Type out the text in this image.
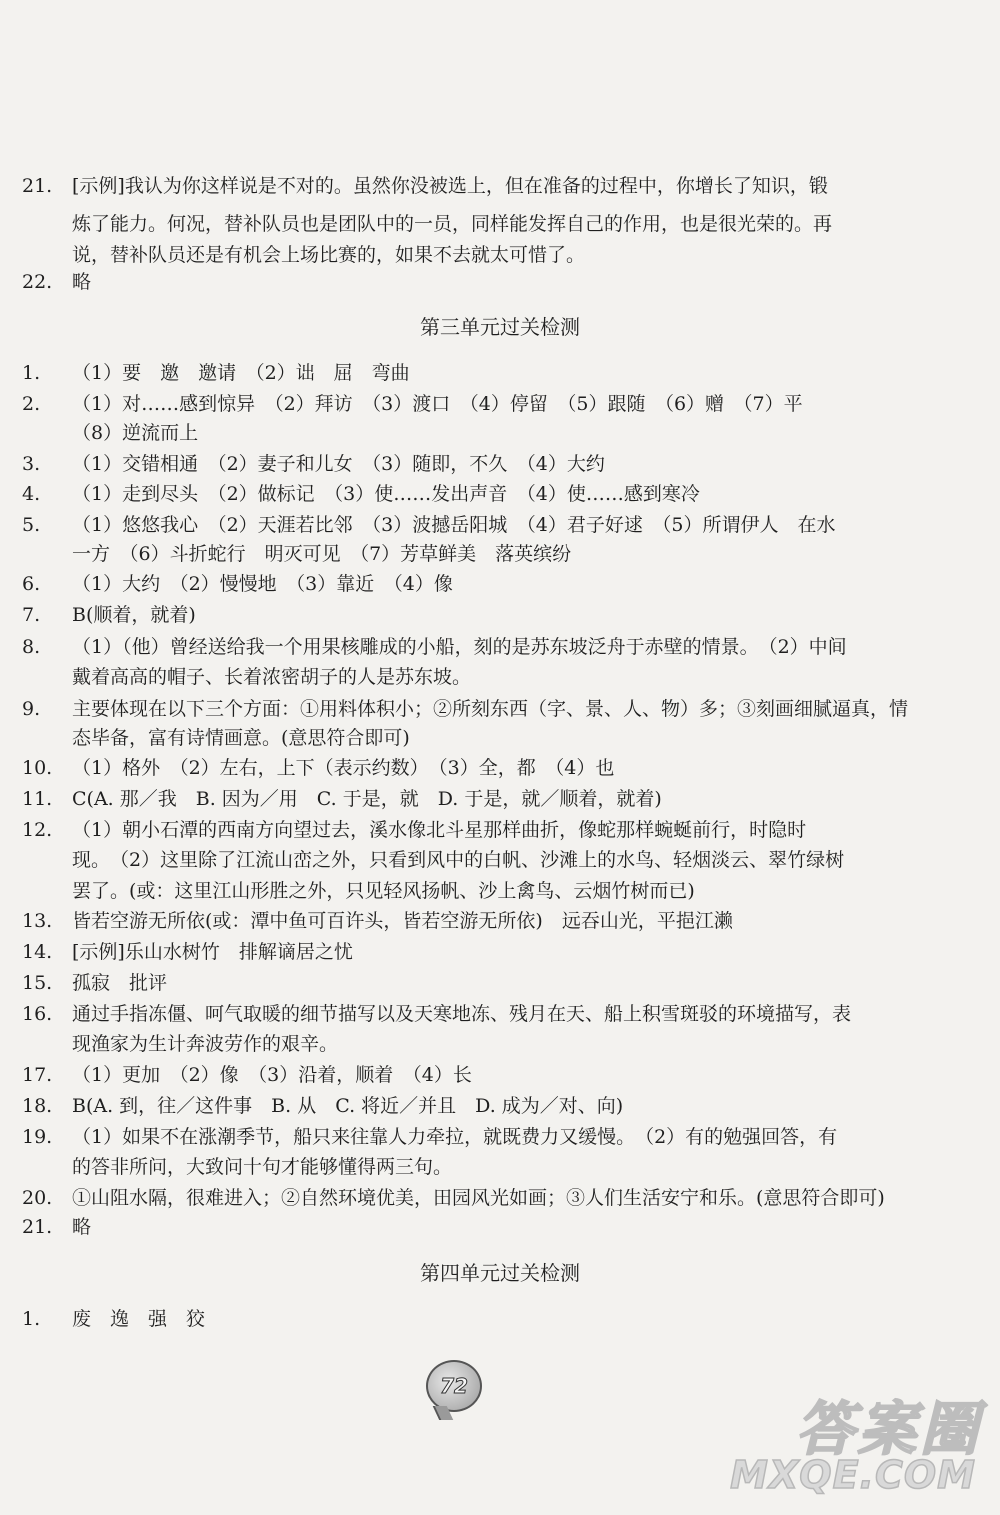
21.

[示例]我认为你这样说是不对的。虽然你没被选上，但在准备的过程中，你增长了知识，锻

炼了能力。何况，替补队员也是团队中的一员，同样能发挥自己的作用，也是很光荣的。再

说，替补队员还是有机会上场比赛的，如果不去就太可惜了。

22.

略

第三单元过关检测

1.

（1）要　邀　邀请　（2）诎　屈　弯曲

2.

（1）对……感到惊异　（2）拜访　（3）渡口　（4）停留　（5）跟随　（6）赠　（7）平

（8）逆流而上

3.

（1）交错相通　（2）妻子和儿女　（3）随即，不久　（4）大约

4.

（1）走到尽头　（2）做标记　（3）使……发出声音　（4）使……感到寒冷

5.

（1）悠悠我心　（2）天涯若比邻　（3）波撼岳阳城　（4）君子好逑　（5）所谓伊人　在水

一方　（6）斗折蛇行　明灭可见　（7）芳草鲜美　落英缤纷

6.

（1）大约　（2）慢慢地　（3）靠近　（4）像

7.

B(顺着，就着)

8.

（1）（他）曾经送给我一个用果核雕成的小船，刻的是苏东坡泛舟于赤壁的情景。　（2）中间

戴着高高的帽子、长着浓密胡子的人是苏东坡。

9.

主要体现在以下三个方面：①用料体积小；②所刻东西（字、景、人、物）多；③刻画细腻逼真，情

态毕备，富有诗情画意。(意思符合即可)

10.

（1）格外　（2）左右，上下（表示约数）　（3）全，都　（4）也

11.

C(A. 那／我　B. 因为／用　C. 于是，就　D. 于是，就／顺着，就着)

12.

（1）朝小石潭的西南方向望过去，溪水像北斗星那样曲折，像蛇那样蜿蜒前行，时隐时

现。　（2）这里除了江流山峦之外，只看到风中的白帆、沙滩上的水鸟、轻烟淡云、翠竹绿树

罢了。(或：这里江山形胜之外，只见轻风扬帆、沙上禽鸟、云烟竹树而已)

13.

皆若空游无所依(或：潭中鱼可百许头，皆若空游无所依)　远吞山光，平挹江濑

14.

[示例]乐山水树竹　排解谪居之忧

15.

孤寂　批评

16.

通过手指冻僵、呵气取暖的细节描写以及天寒地冻、残月在天、船上积雪斑驳的环境描写，表

现渔家为生计奔波劳作的艰辛。

17.

（1）更加　（2）像　（3）沿着，顺着　（4）长

18.

B(A. 到，往／这件事　B. 从　C. 将近／并且　D. 成为／对、向)

19.

（1）如果不在涨潮季节，船只来往靠人力牵拉，就既费力又缓慢。　（2）有的勉强回答，有

的答非所问，大致问十句才能够懂得两三句。

20.

①山阻水隔，很难进入；②自然环境优美，田园风光如画；③人们生活安宁和乐。(意思符合即可)

21.

略

第四单元过关检测

1.

废　逸　强　狡

72
答案圈
MXQE.COM
